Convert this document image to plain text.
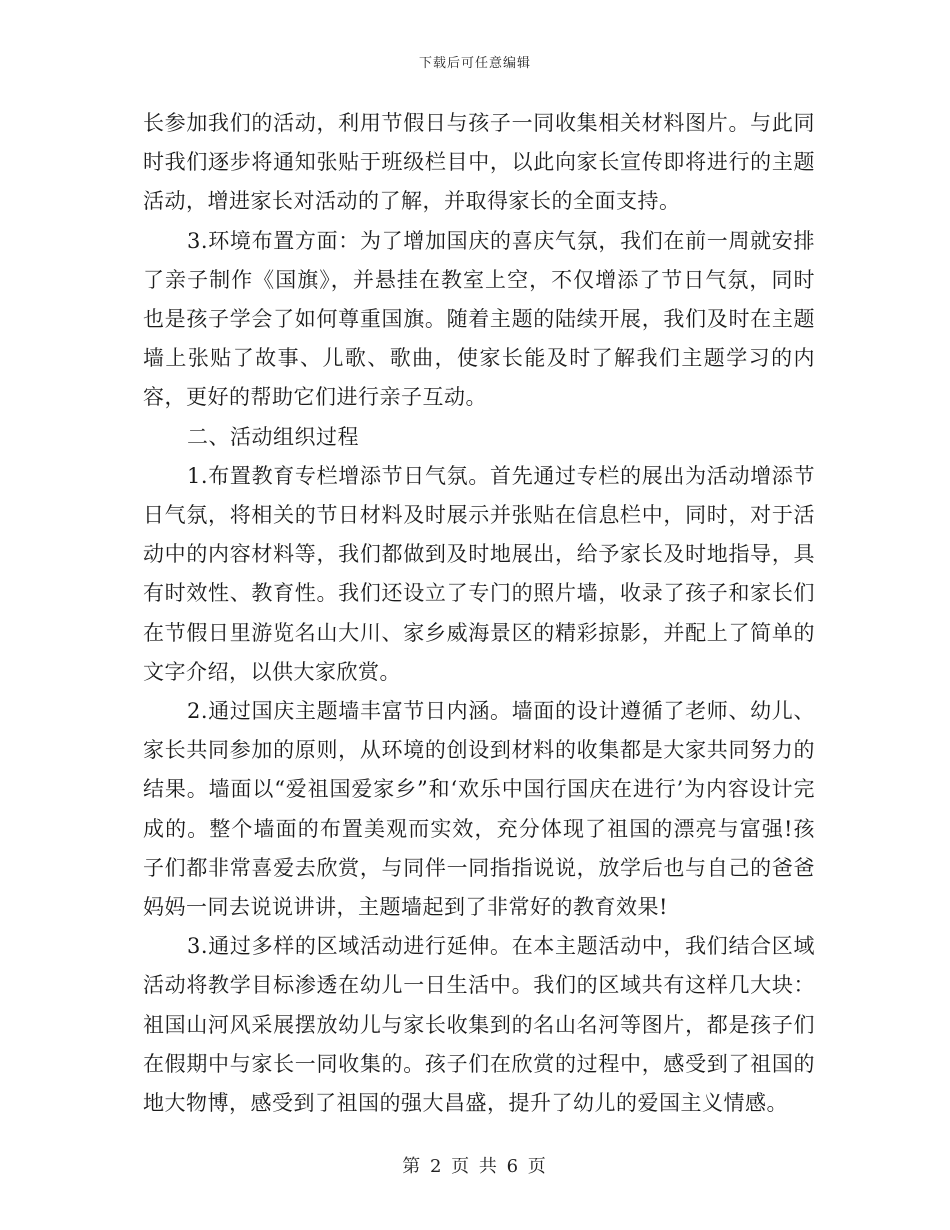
下载后可任意编辑

长参加我们的活动，利用节假日与孩子一同收集相关材料图片。与此同时我们逐步将通知张贴于班级栏目中，以此向家长宣传即将进行的主题活动，增进家长对活动的了解，并取得家长的全面支持。

3.环境布置方面：为了增加国庆的喜庆气氛，我们在前一周就安排了亲子制作《国旗》，并悬挂在教室上空，不仅增添了节日气氛，同时也是孩子学会了如何尊重国旗。随着主题的陆续开展，我们及时在主题墙上张贴了故事、儿歌、歌曲，使家长能及时了解我们主题学习的内容，更好的帮助它们进行亲子互动。

二、活动组织过程

1.布置教育专栏增添节日气氛。首先通过专栏的展出为活动增添节日气氛，将相关的节日材料及时展示并张贴在信息栏中，同时，对于活动中的内容材料等，我们都做到及时地展出，给予家长及时地指导，具有时效性、教育性。我们还设立了专门的照片墙，收录了孩子和家长们在节假日里游览名山大川、家乡威海景区的精彩掠影，并配上了简单的文字介绍，以供大家欣赏。

2.通过国庆主题墙丰富节日内涵。墙面的设计遵循了老师、幼儿、家长共同参加的原则，从环境的创设到材料的收集都是大家共同努力的结果。墙面以“爱祖国爱家乡”和‘欢乐中国行国庆在进行’为内容设计完成的。整个墙面的布置美观而实效，充分体现了祖国的漂亮与富强!孩子们都非常喜爱去欣赏，与同伴一同指指说说，放学后也与自己的爸爸妈妈一同去说说讲讲，主题墙起到了非常好的教育效果!

3.通过多样的区域活动进行延伸。在本主题活动中，我们结合区域活动将教学目标渗透在幼儿一日生活中。我们的区域共有这样几大块：祖国山河风采展摆放幼儿与家长收集到的名山名河等图片，都是孩子们在假期中与家长一同收集的。孩子们在欣赏的过程中，感受到了祖国的地大物博，感受到了祖国的强大昌盛，提升了幼儿的爱国主义情感。

第 2 页 共 6 页
